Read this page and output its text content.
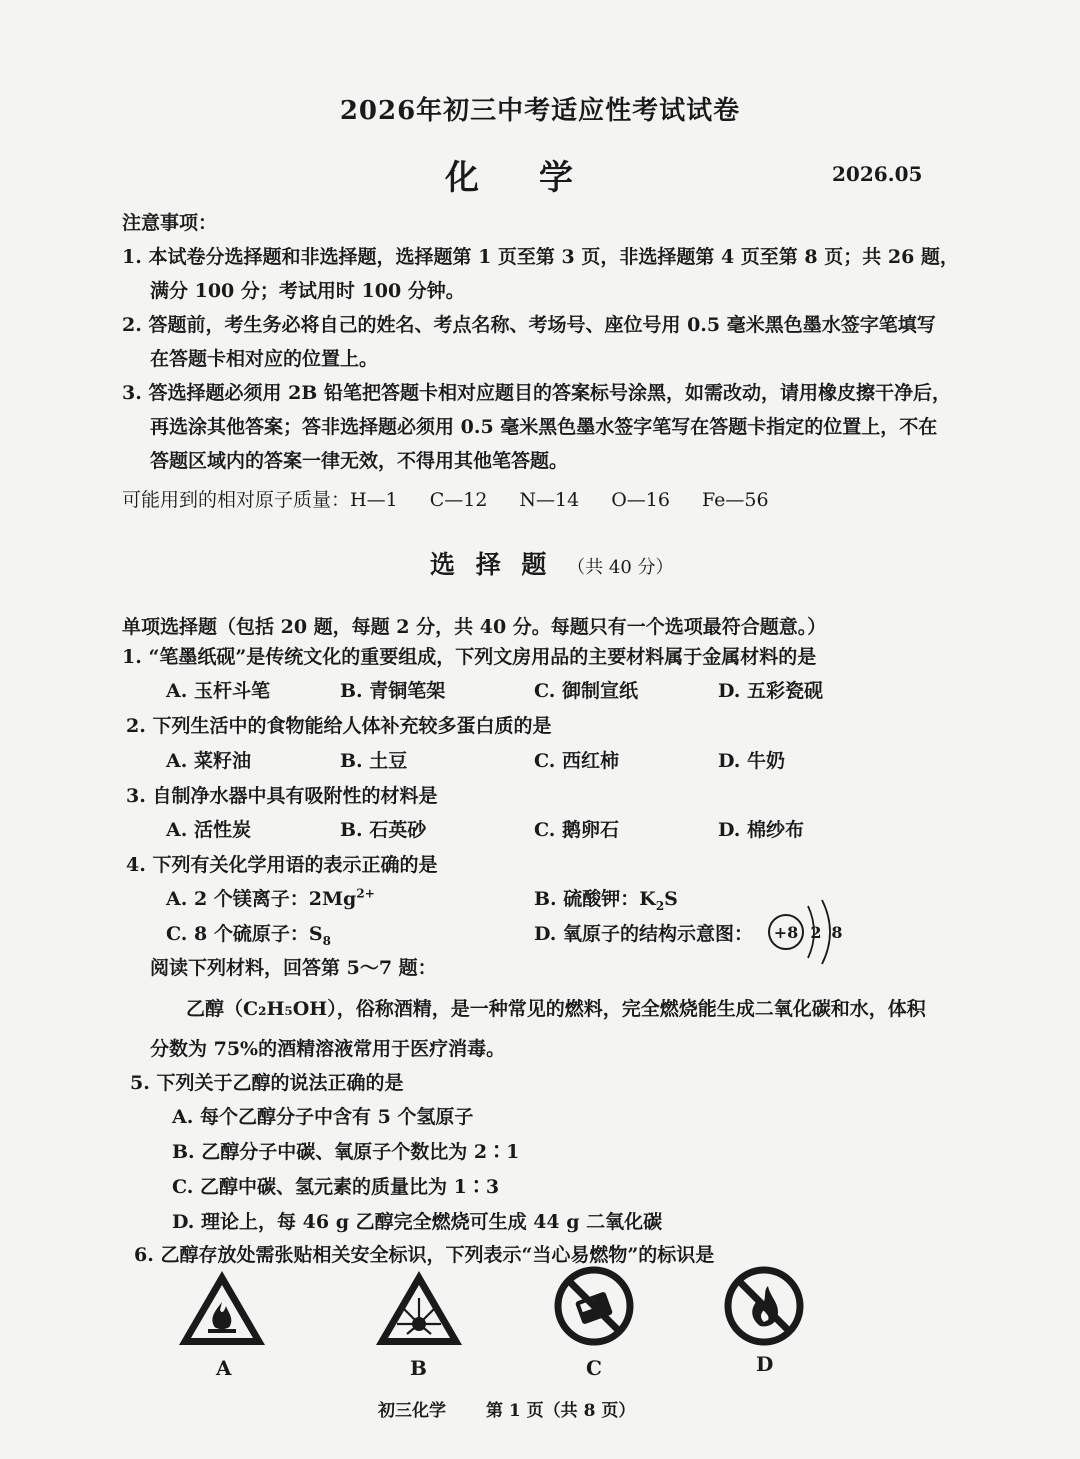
2026年初三中考适应性考试试卷
化学	2026.05
注意事项：
1. 本试卷分选择题和非选择题，选择题第 1 页至第 3 页，非选择题第 4 页至第 8 页；共 26 题，
满分 100 分；考试用时 100 分钟。
2. 答题前，考生务必将自己的姓名、考点名称、考场号、座位号用 0.5 毫米黑色墨水签字笔填写
在答题卡相对应的位置上。
3. 答选择题必须用 2B 铅笔把答题卡相对应题目的答案标号涂黑，如需改动，请用橡皮擦干净后，
再选涂其他答案；答非选择题必须用 0.5 毫米黑色墨水签字笔写在答题卡指定的位置上，不在
答题区域内的答案一律无效，不得用其他笔答题。
可能用到的相对原子质量：H—1 C—12 N—14 O—16 Fe—56
选 择 题 （共 40 分）
单项选择题（包括 20 题，每题 2 分，共 40 分。每题只有一个选项最符合题意。）
1. “笔墨纸砚”是传统文化的重要组成，下列文房用品的主要材料属于金属材料的是
A. 玉杆斗笔	B. 青铜笔架	C. 御制宣纸	D. 五彩瓷砚
2. 下列生活中的食物能给人体补充较多蛋白质的是
A. 菜籽油	B. 土豆	C. 西红柿	D. 牛奶
3. 自制净水器中具有吸附性的材料是
A. 活性炭	B. 石英砂	C. 鹅卵石	D. 棉纱布
4. 下列有关化学用语的表示正确的是
A. 2 个镁离子：$2Mg^{2+}$	B. 硫酸钾：$K_2S$
C. 8 个硫原子：$S_8$	D. 氧原子的结构示意图： +8 2 8
阅读下列材料，回答第 5～7 题：
乙醇（C₂H₅OH），俗称酒精，是一种常见的燃料，完全燃烧能生成二氧化碳和水，体积
分数为 75%的酒精溶液常用于医疗消毒。
5. 下列关于乙醇的说法正确的是
A. 每个乙醇分子中含有 5 个氢原子
B. 乙醇分子中碳、氧原子个数比为 2∶1
C. 乙醇中碳、氢元素的质量比为 1∶3
D. 理论上，每 46 g 乙醇完全燃烧可生成 44 g 二氧化碳
6. 乙醇存放处需张贴相关安全标识，下列表示“当心易燃物”的标识是
A	B	C	D
初三化学 第 1 页（共 8 页）
